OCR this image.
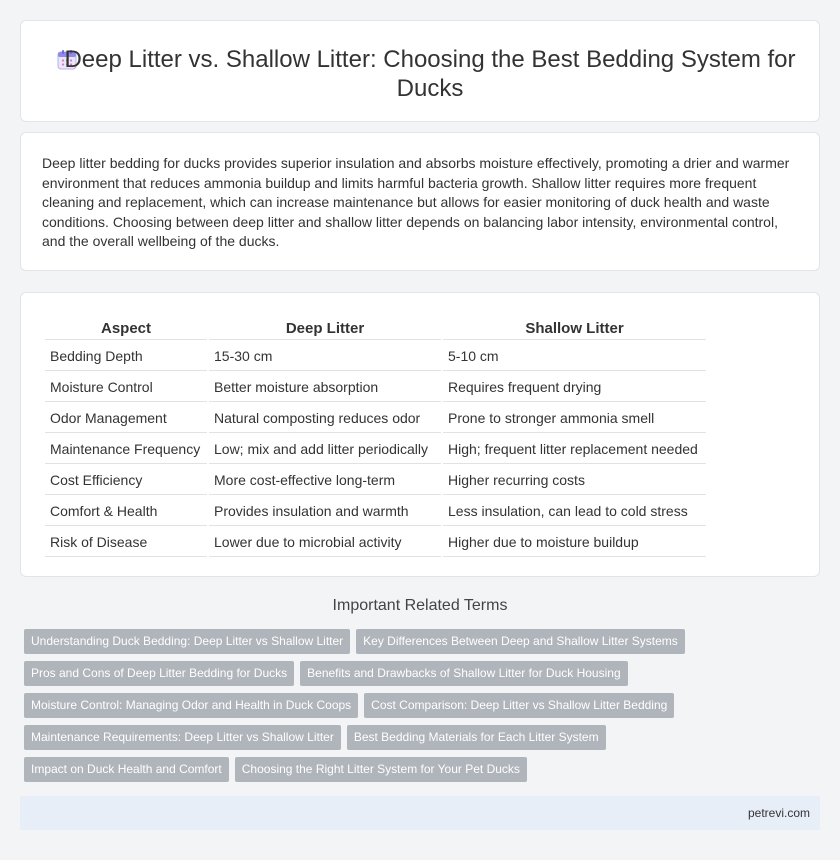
Deep Litter vs. Shallow Litter: Choosing the Best Bedding System for Ducks

Deep litter bedding for ducks provides superior insulation and absorbs moisture effectively, promoting a drier and warmer environment that reduces ammonia buildup and limits harmful bacteria growth. Shallow litter requires more frequent cleaning and replacement, which can increase maintenance but allows for easier monitoring of duck health and waste conditions. Choosing between deep litter and shallow litter depends on balancing labor intensity, environmental control, and the overall wellbeing of the ducks.

Aspect	Deep Litter	Shallow Litter
Bedding Depth	15-30 cm	5-10 cm
Moisture Control	Better moisture absorption	Requires frequent drying
Odor Management	Natural composting reduces odor	Prone to stronger ammonia smell
Maintenance Frequency	Low; mix and add litter periodically	High; frequent litter replacement needed
Cost Efficiency	More cost-effective long-term	Higher recurring costs
Comfort & Health	Provides insulation and warmth	Less insulation, can lead to cold stress
Risk of Disease	Lower due to microbial activity	Higher due to moisture buildup
Important Related Terms
Understanding Duck Bedding: Deep Litter vs Shallow Litter Key Differences Between Deep and Shallow Litter Systems
Pros and Cons of Deep Litter Bedding for Ducks Benefits and Drawbacks of Shallow Litter for Duck Housing
Moisture Control: Managing Odor and Health in Duck Coops Cost Comparison: Deep Litter vs Shallow Litter Bedding
Maintenance Requirements: Deep Litter vs Shallow Litter Best Bedding Materials for Each Litter System
Impact on Duck Health and Comfort Choosing the Right Litter System for Your Pet Ducks
petrevi.com
